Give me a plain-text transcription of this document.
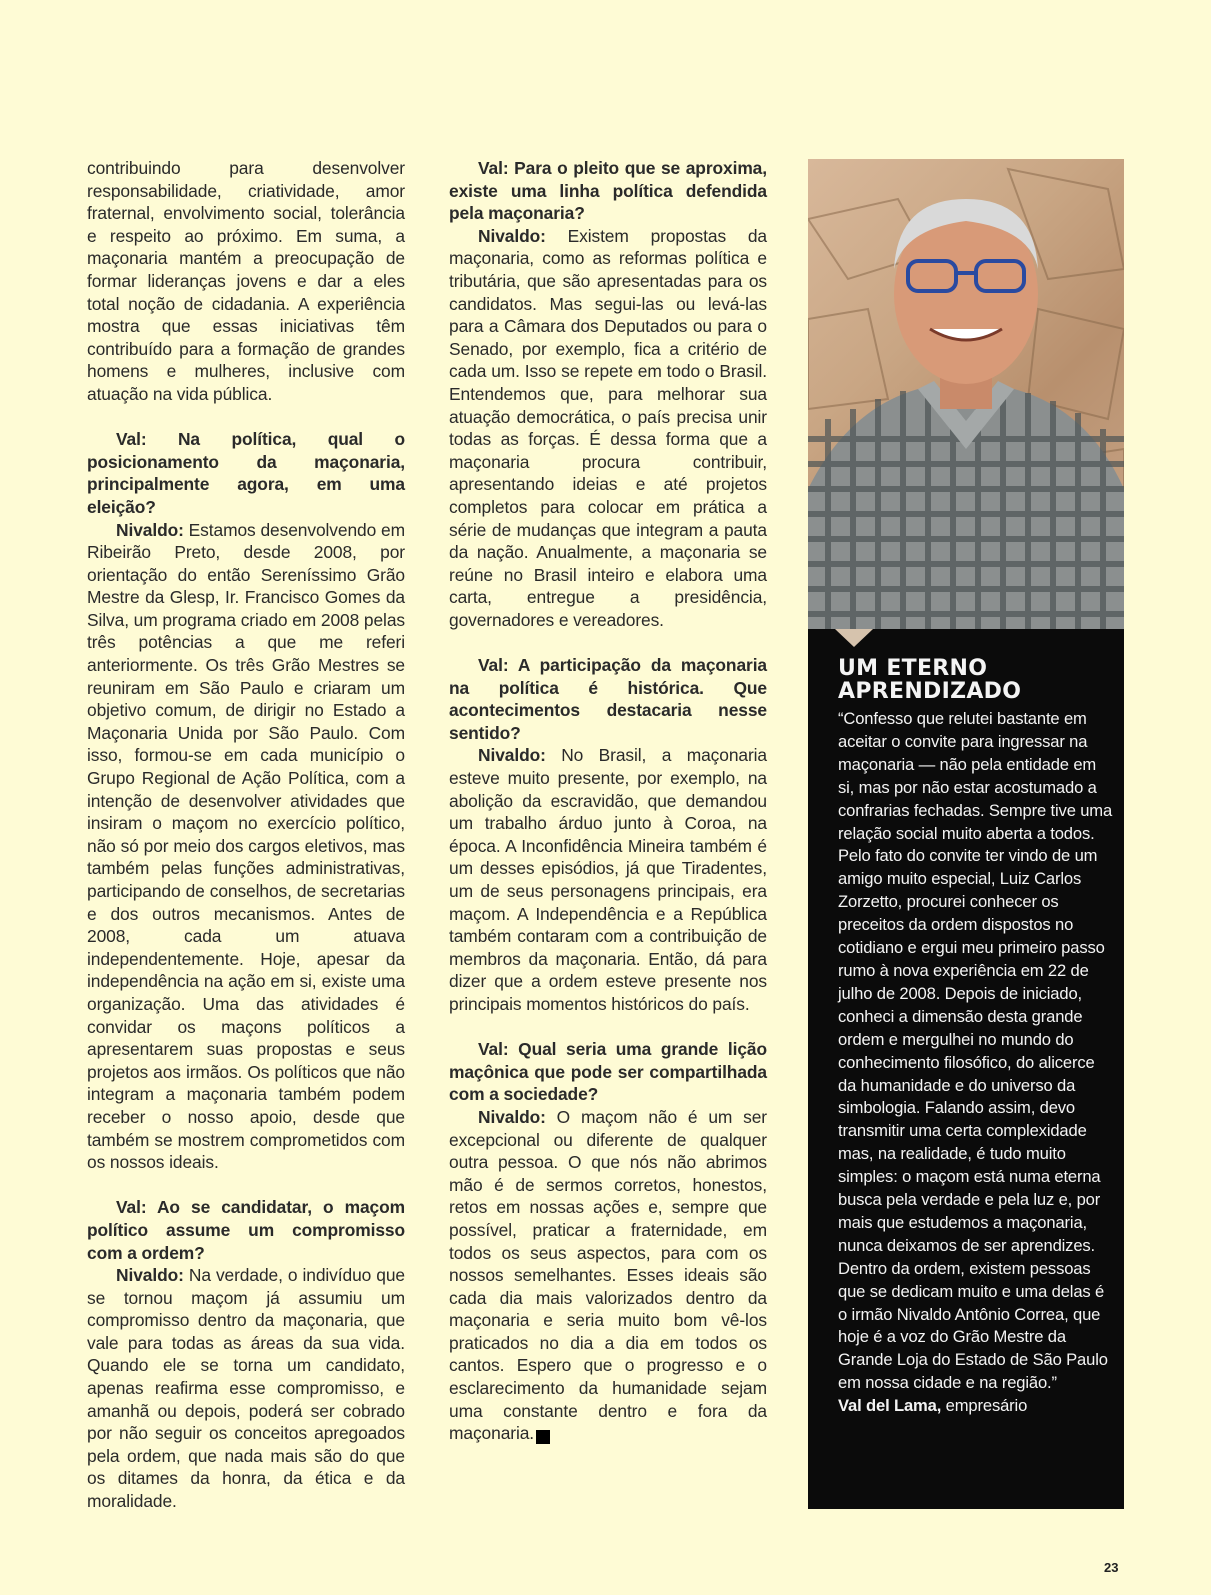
contribuindo para desenvolver responsabilidade, criatividade, amor fraternal, envolvimento social, tolerância e respeito ao próximo. Em suma, a maçonaria mantém a preocupação de formar lideranças jovens e dar a eles total noção de cidadania. A experiência mostra que essas iniciativas têm contribuído para a formação de grandes homens e mulheres, inclusive com atuação na vida pública.

Val: Na política, qual o posicionamento da maçonaria, principalmente agora, em uma eleição?

Nivaldo: Estamos desenvolvendo em Ribeirão Preto, desde 2008, por orientação do então Sereníssimo Grão Mestre da Glesp, Ir. Francisco Gomes da Silva, um programa criado em 2008 pelas três potências a que me referi anteriormente. Os três Grão Mestres se reuniram em São Paulo e criaram um objetivo comum, de dirigir no Estado a Maçonaria Unida por São Paulo. Com isso, formou-se em cada município o Grupo Regional de Ação Política, com a intenção de desenvolver atividades que insiram o maçom no exercício político, não só por meio dos cargos eletivos, mas também pelas funções administrativas, participando de conselhos, de secretarias e dos outros mecanismos. Antes de 2008, cada um atuava independentemente. Hoje, apesar da independência na ação em si, existe uma organização. Uma das atividades é convidar os maçons políticos a apresentarem suas propostas e seus projetos aos irmãos. Os políticos que não integram a maçonaria também podem receber o nosso apoio, desde que também se mostrem comprometidos com os nossos ideais.

Val: Ao se candidatar, o maçom político assume um compromisso com a ordem?

Nivaldo: Na verdade, o indivíduo que se tornou maçom já assumiu um compromisso dentro da maçonaria, que vale para todas as áreas da sua vida. Quando ele se torna um candidato, apenas reafirma esse compromisso, e amanhã ou depois, poderá ser cobrado por não seguir os conceitos apregoados pela ordem, que nada mais são do que os ditames da honra, da ética e da moralidade.

Val: Para o pleito que se aproxima, existe uma linha política defendida pela maçonaria?

Nivaldo: Existem propostas da maçonaria, como as reformas política e tributária, que são apresentadas para os candidatos. Mas segui-las ou levá-las para a Câmara dos Deputados ou para o Senado, por exemplo, fica a critério de cada um. Isso se repete em todo o Brasil. Entendemos que, para melhorar sua atuação democrática, o país precisa unir todas as forças. É dessa forma que a maçonaria procura contribuir, apresentando ideias e até projetos completos para colocar em prática a série de mudanças que integram a pauta da nação. Anualmente, a maçonaria se reúne no Brasil inteiro e elabora uma carta, entregue a presidência, governadores e vereadores.

Val: A participação da maçonaria na política é histórica. Que acontecimentos destacaria nesse sentido?

Nivaldo: No Brasil, a maçonaria esteve muito presente, por exemplo, na abolição da escravidão, que demandou um trabalho árduo junto à Coroa, na época. A Inconfidência Mineira também é um desses episódios, já que Tiradentes, um de seus personagens principais, era maçom. A Independência e a República também contaram com a contribuição de membros da maçonaria. Então, dá para dizer que a ordem esteve presente nos principais momentos históricos do país.

Val: Qual seria uma grande lição maçônica que pode ser compartilhada com a sociedade?

Nivaldo: O maçom não é um ser excepcional ou diferente de qualquer outra pessoa. O que nós não abrimos mão é de sermos corretos, honestos, retos em nossas ações e, sempre que possível, praticar a fraternidade, em todos os seus aspectos, para com os nossos semelhantes. Esses ideais são cada dia mais valorizados dentro da maçonaria e seria muito bom vê-los praticados no dia a dia em todos os cantos. Espero que o progresso e o esclarecimento da humanidade sejam uma constante dentro e fora da maçonaria.	r

UM ETERNO APRENDIZADO
“Confesso que relutei bastante em aceitar o convite para ingressar na maçonaria — não pela entidade em si, mas por não estar acostumado a confrarias fechadas. Sempre tive uma relação social muito aberta a todos. Pelo fato do convite ter vindo de um amigo muito especial, Luiz Carlos Zorzetto, procurei conhecer os preceitos da ordem dispostos no cotidiano e ergui meu primeiro passo rumo à nova experiência em 22 de julho de 2008. Depois de iniciado, conheci a dimensão desta grande ordem e mergulhei no mundo do conhecimento filosófico, do alicerce da humanidade e do universo da simbologia. Falando assim, devo transmitir uma certa complexidade mas, na realidade, é tudo muito simples: o maçom está numa eterna busca pela verdade e pela luz e, por mais que estudemos a maçonaria, nunca deixamos de ser aprendizes. Dentro da ordem, existem pessoas que se dedicam muito e uma delas é o irmão Nivaldo Antônio Correa, que hoje é a voz do Grão Mestre da Grande Loja do Estado de São Paulo em nossa cidade e na região.”
Val del Lama, empresário
23
